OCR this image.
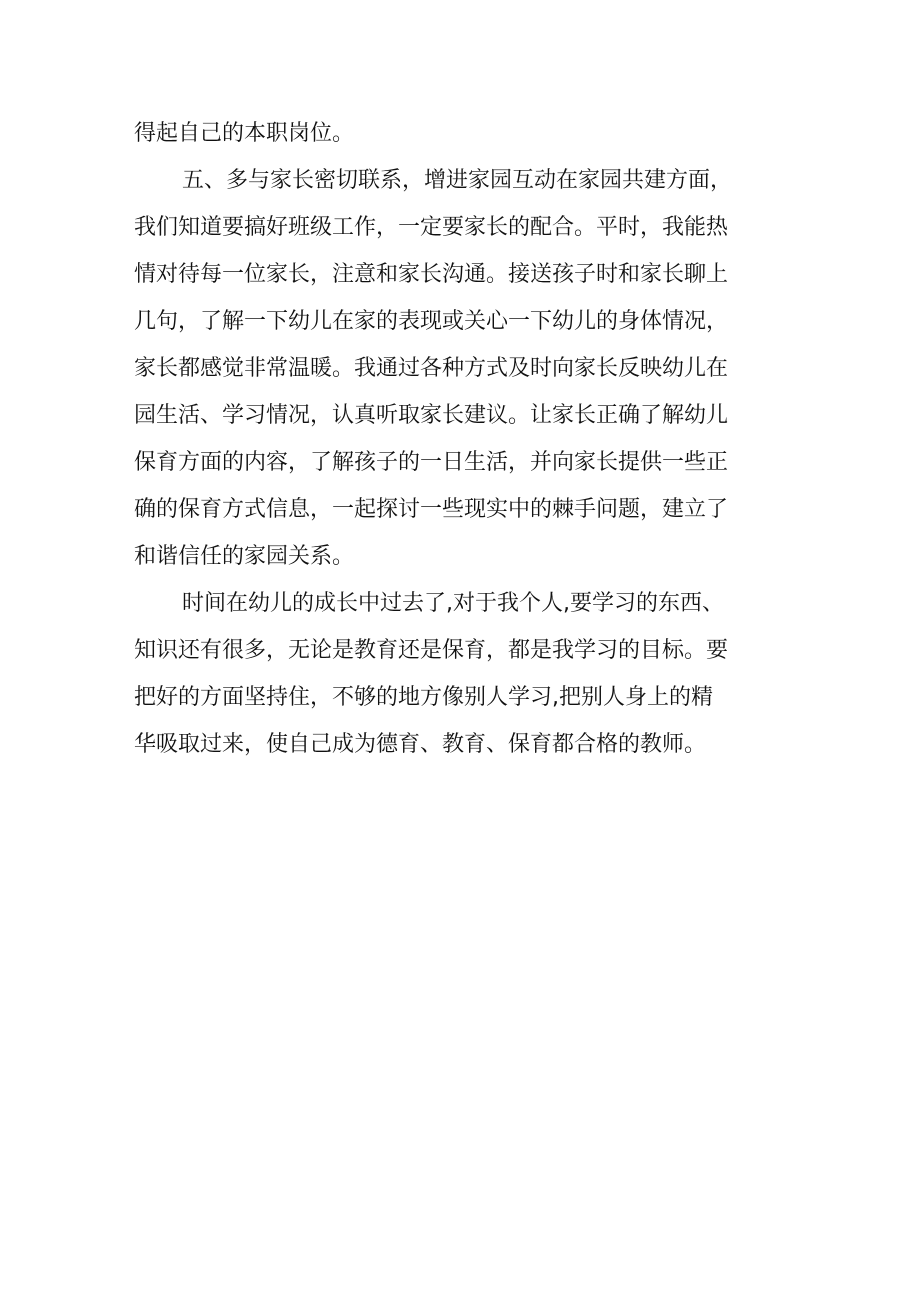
得起自己的本职岗位。
五、多与家长密切联系，增进家园互动在家园共建方面，
我们知道要搞好班级工作，一定要家长的配合。平时，我能热
情对待每一位家长，注意和家长沟通。接送孩子时和家长聊上
几句，了解一下幼儿在家的表现或关心一下幼儿的身体情况，
家长都感觉非常温暖。我通过各种方式及时向家长反映幼儿在
园生活、学习情况，认真听取家长建议。让家长正确了解幼儿
保育方面的内容，了解孩子的一日生活，并向家长提供一些正
确的保育方式信息，一起探讨一些现实中的棘手问题，建立了
和谐信任的家园关系。
时间在幼儿的成长中过去了,对于我个人,要学习的东西、
知识还有很多，无论是教育还是保育，都是我学习的目标。要
把好的方面坚持住，不够的地方像别人学习,把别人身上的精
华吸取过来，使自己成为德育、教育、保育都合格的教师。
